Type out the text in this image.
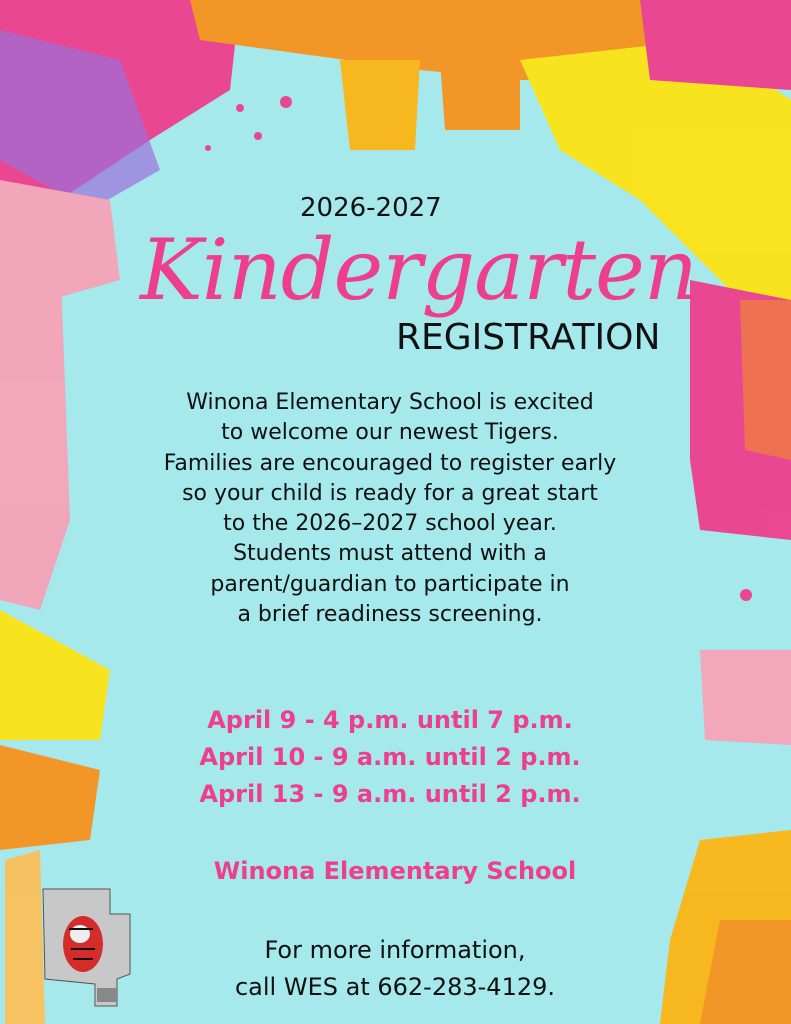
2026-2027
Kindergarten
REGISTRATION
Winona Elementary School is excited
to welcome our newest Tigers.
Families are encouraged to register early
so your child is ready for a great start
to the 2026–2027 school year.
Students must attend with a
parent/guardian to participate in
a brief readiness screening.
April 9 - 4 p.m. until 7 p.m.
April 10 - 9 a.m. until 2 p.m.
April 13 - 9 a.m. until 2 p.m.
Winona Elementary School
For more information,
call WES at 662-283-4129.
